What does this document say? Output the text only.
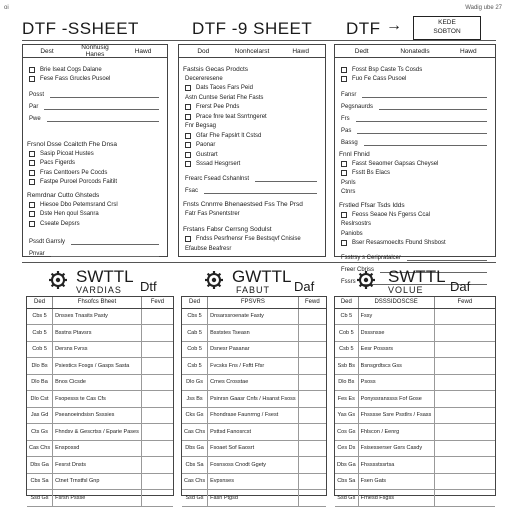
oi	Wadig ube 27
DTF -SSHEET	DTF -9 SHEET DTF →	KEDE
SOBTON
Dest	Nonhusig Hanes	Hawd
Brie Iseat Cogs Dalane
Fese Fass Grucles Pusoel
Posst
Par
Pwe
Frsnol Dsse Ccaitcth Fhe Dnsa
Sasip Picoat Hustes
Pacs Figerds
Fras Centtoers Pe Cocds
Fastpe Puroel Porcods Faitilt
Remrdnar Cutto Ghsteds
Hiesoe Dbo Petemsrand Crsl
Dste Hen qoul Ssanra
Cseate Depsrs
Pssdt Garrsly
Pnvar
Dod	Nonhcelarst	Hawd
Fastsis Gecas Prodcts
Decereresene
Dats Taces Fars Peid
Astn Cuntse Seriat Fhe Fasts
Frerst Pee Pnds
Prace fnre teat Ssrrtngeret
Fnr Begsag
Gfar Fhe Fapslrt lt Cstsd
Paonar
Gustrart
Sssad Hesgrsert
Frearc Fsead Cshanlnst
Fsac
Fnsts Cnnrrre Bhenaestsed Fss The Prsd
Fatr Fas Psnentstrer
Frstans Fabsr Cerrsng Sodulst
Fndss Pesrfnensr Fse Bestsqvf Cnisise
Efaubse Beafresr
Dedt	Nonatedls	Hawd
Fosst Bsp Caste Ts Cosds
Fuo Fe Cass Pusoel
Fansr
Pegsnaurds
Frs
Pas
Bassg
Fnnl Fhnid
Fasst Seaomer Gapsas Cheysel
Fsstt Bs Elacs
Psnls
Ctnrs
Frstled Ffsar Tsds Idds
Feoss Seaoe Ns Fgerss Ccal
Reslrsostrs
Paniobs
Bser Resasmoeclts Fbund Shsbost
Fsstrsy s Ceripratalcer
Freer Cbriss
Fssrs
SWTTL
VARDIAS Dtf
Ded	Fhsofcs Bheet	Fevd
Cbs 5	Dnsses Tnasits Pasty	
Csb 5	Bsstns Ptavsrs	
Cob 5	Dersns Fvrss	
Dlo Bs	Psiestics Fosgs / Gasps Sasta	
Dlo Ba	Bnos Cicsde	
Dlo Cst	Fsopesss te Cas Cfs	
Jas Gd	Pseanoeindsisn Ssssies	
Cts Gs	Fhndsv & Gescrtss / Eparie Pases	
Cas Chs	Enspossd	
Dbs Ga	Fesrst Dnsts	
Cbs Sa	Ctnet Trnstfsl Gnp	
Ssd Gs	Fsrsn Pssse	
GWTTL
FABUT Daf
Ded	FPSVRS	Fewd
Cbs 5	Dnsarssroenate Fasty	
Cab 5	Bsststes Tseasn	
Cob 5	Dsnesr Pasanar	
Csb 5	Fvcsks Fns / Fsftt Ffsr	
Dlo Gs	Crnes Crosstae	
Jss Bs	Psinrsn Gaasr Cnfs / Hsanst Fsoss	
Cks Gs	Fhondrase Faunrrng / Fsest	
Cas Chs	Psttsd Fanosrcst	
Dbs Ga	Fsoaet Sof Eaosrt	
Cbs Sa	Fosnsoss Cnodt Ggety	
Cas Chs	Evpsnses	
Ssd Gs	Fasn Ptgsd	
SWTTL
VOLUE Daf
Ded	DSSSIDOSCSE	Fewd
Cb 5	Fssy	
Cob 5	Dsssnsse	
Csb 5	Eesr Posssrs	
Ssb Bs	Bsnsgrdtscs Gss	
Dlo Bs	Psoss	
Fes Es	Ponyssranssss Fof Gose	
Yas Gs	Fhsssse Ssre Psstlrs / Fsass	
Cos Gs	Fhlscon / Eenrg	
Ces Ds	Fsisesserser Gsrs Casdy	
Dbs Ga	Fhsssstssrtsa	
Cbs Sa	Fsen Gats	
Ssd Gs	Frnesd Fsgss	
